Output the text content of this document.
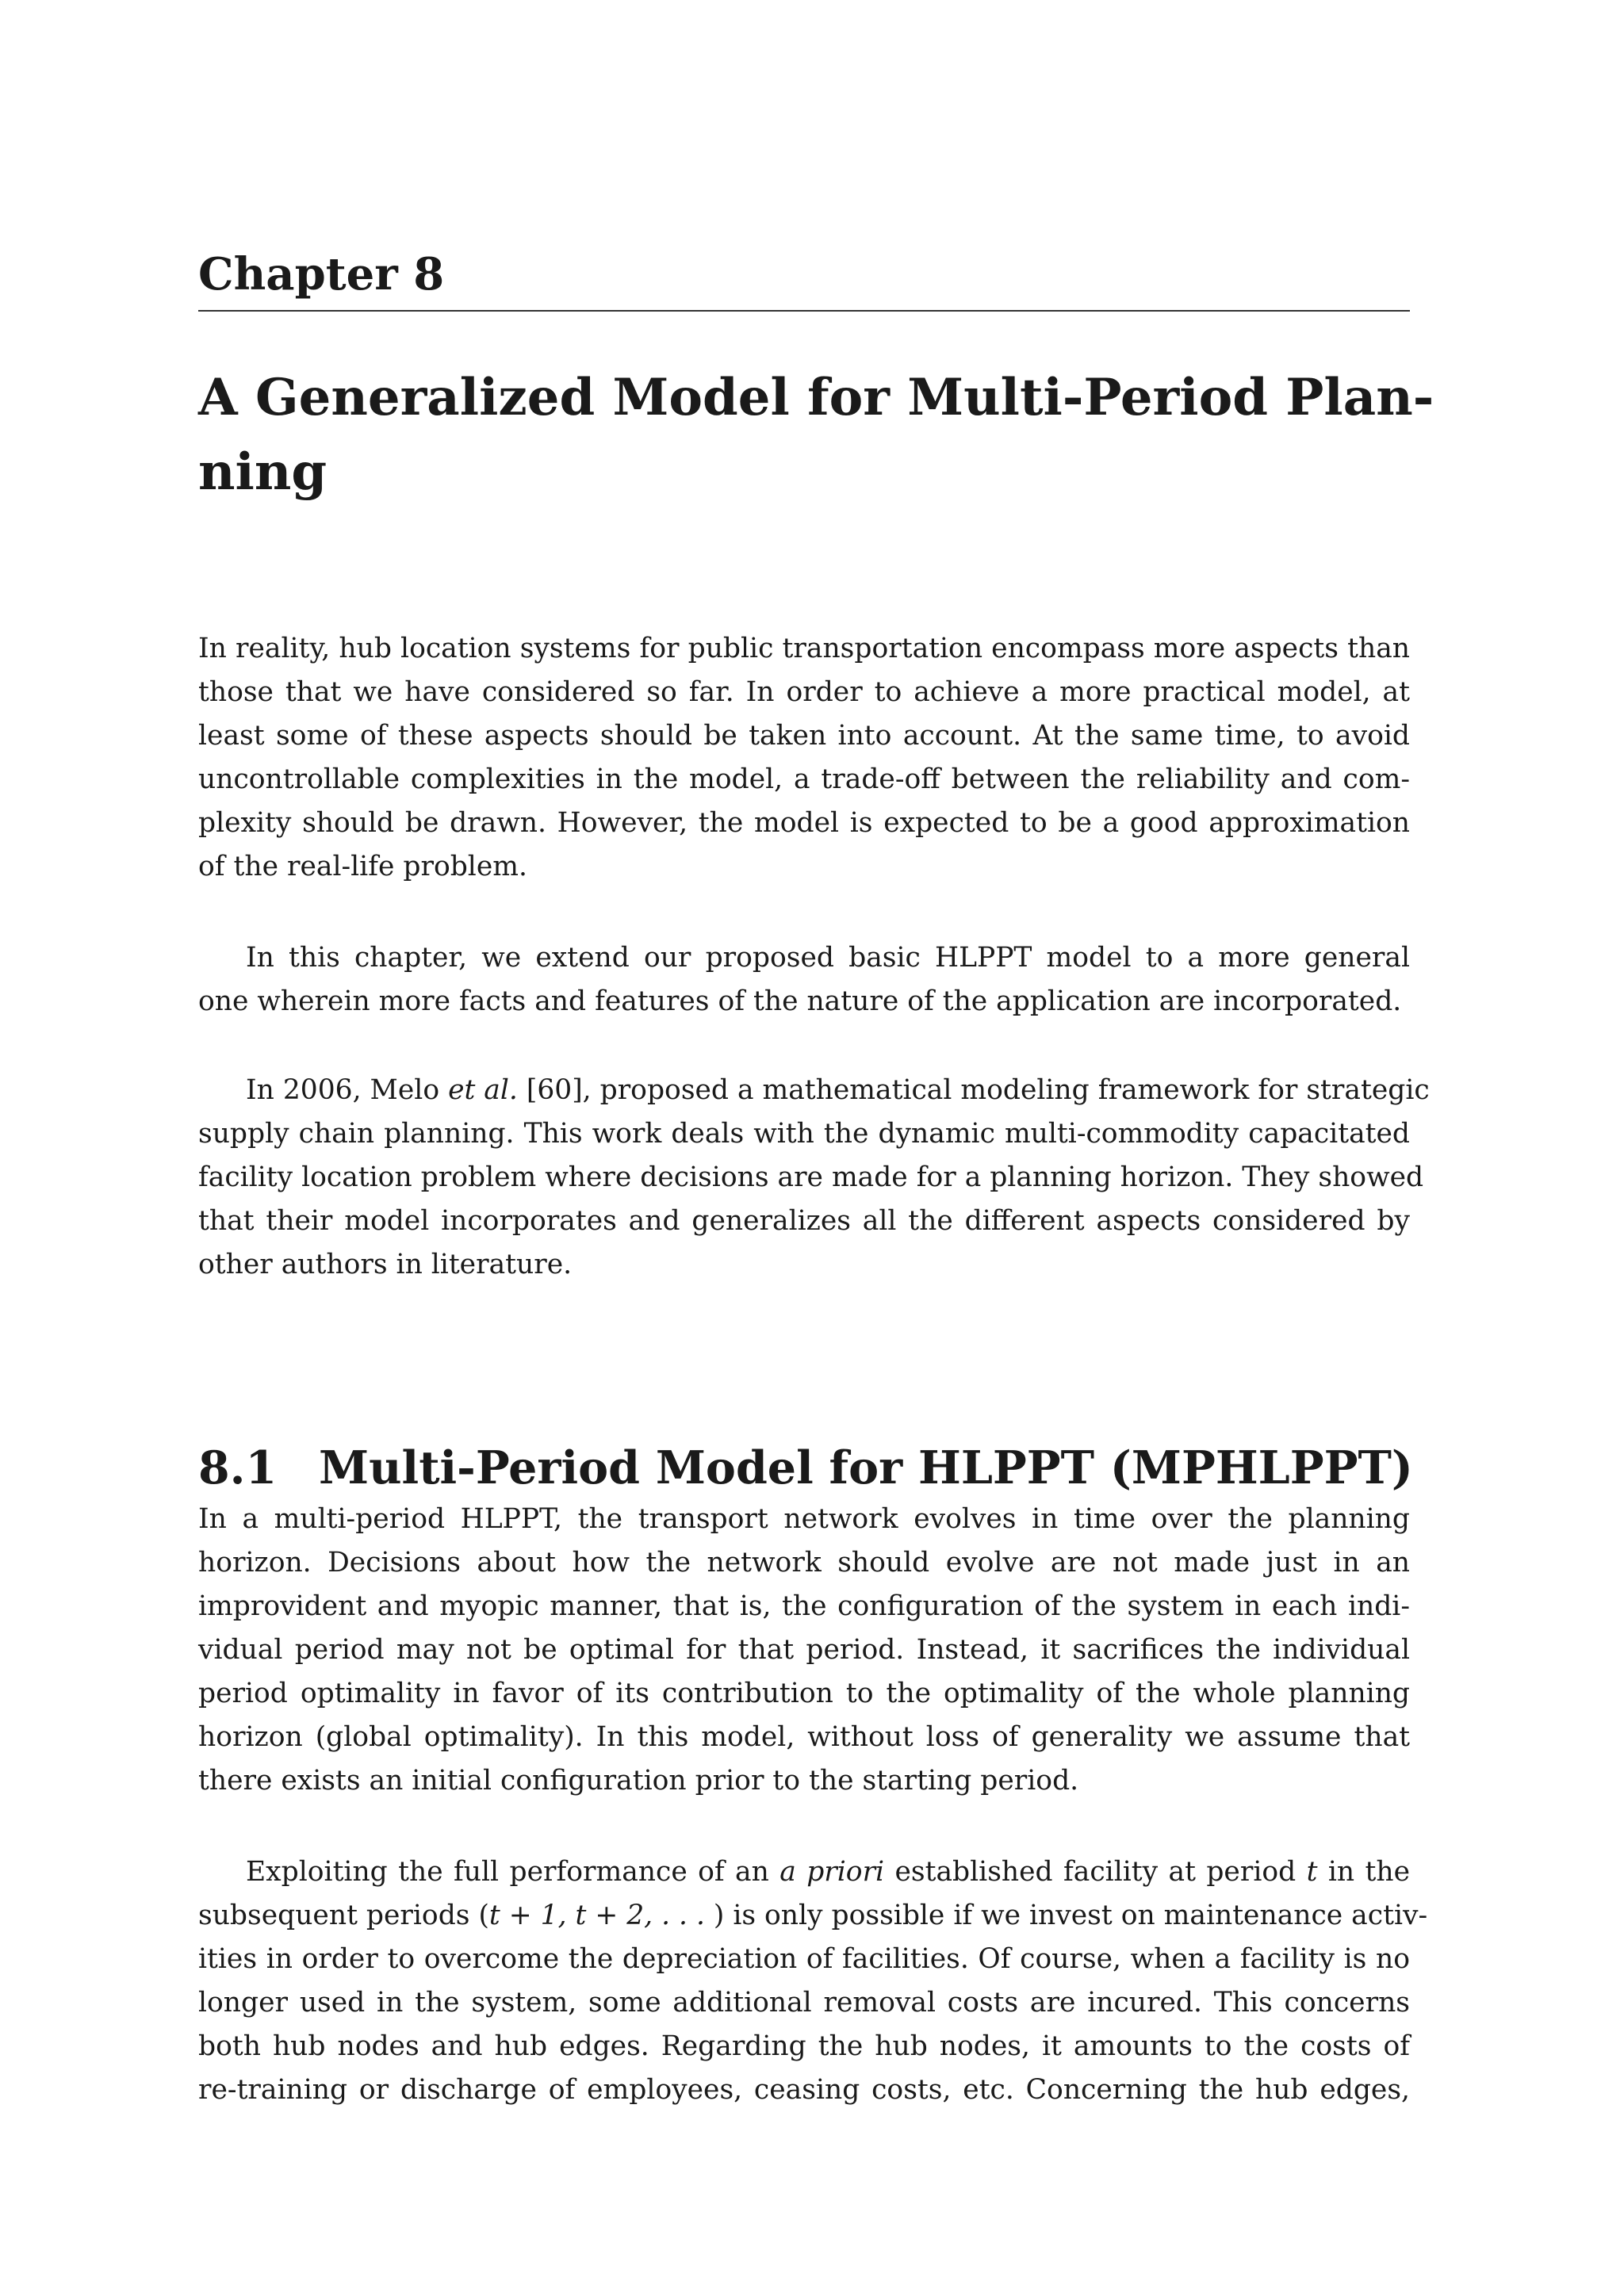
Chapter 8
A Generalized Model for Multi-Period Plan-
ning
In reality, hub location systems for public transportation encompass more aspects than
those that we have considered so far. In order to achieve a more practical model, at
least some of these aspects should be taken into account. At the same time, to avoid
uncontrollable complexities in the model, a trade-off between the reliability and com-
plexity should be drawn. However, the model is expected to be a good approximation
of the real-life problem.
In this chapter, we extend our proposed basic HLPPT model to a more general
one wherein more facts and features of the nature of the application are incorporated.
In 2006, Melo et al. [60], proposed a mathematical modeling framework for strategic
supply chain planning. This work deals with the dynamic multi-commodity capacitated
facility location problem where decisions are made for a planning horizon. They showed
that their model incorporates and generalizes all the different aspects considered by
other authors in literature.
8.1 Multi-Period Model for HLPPT (MPHLPPT)
In a multi-period HLPPT, the transport network evolves in time over the planning
horizon. Decisions about how the network should evolve are not made just in an
improvident and myopic manner, that is, the configuration of the system in each indi-
vidual period may not be optimal for that period. Instead, it sacrifices the individual
period optimality in favor of its contribution to the optimality of the whole planning
horizon (global optimality). In this model, without loss of generality we assume that
there exists an initial configuration prior to the starting period.
Exploiting the full performance of an a priori established facility at period t in the
subsequent periods (t + 1, t + 2, . . . ) is only possible if we invest on maintenance activ-
ities in order to overcome the depreciation of facilities. Of course, when a facility is no
longer used in the system, some additional removal costs are incured. This concerns
both hub nodes and hub edges. Regarding the hub nodes, it amounts to the costs of
re-training or discharge of employees, ceasing costs, etc. Concerning the hub edges,
